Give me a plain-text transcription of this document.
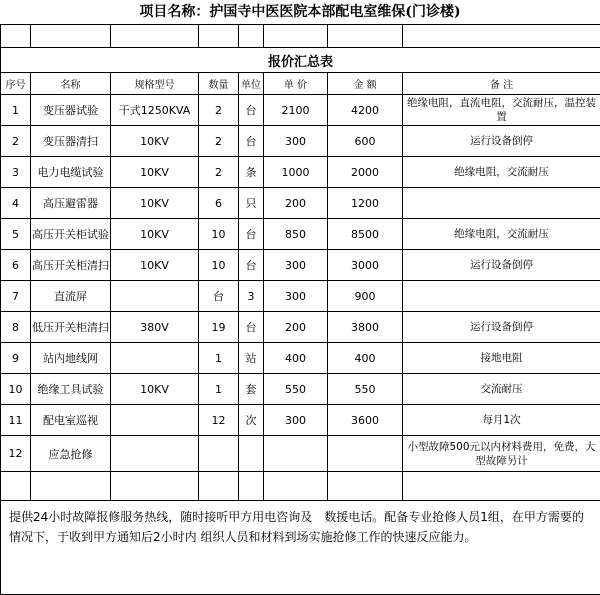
项目名称：护国寺中医医院本部配电室维保(门诊楼)

报价汇总表							
序号	名称	规格型号	数量	单位	单 价	金 额	备 注
1	变压器试验	干式1250KVA	2	台	2100	4200	绝缘电阻，直流电阻，交流耐压，温控装置
2	变压器清扫	10KV	2	台	300	600	运行设备倒停
3	电力电缆试验	10KV	2	条	1000	2000	绝缘电阻，交流耐压
4	高压避雷器	10KV	6	只	200	1200	
5	高压开关柜试验	10KV	10	台	850	8500	绝缘电阻，交流耐压
6	高压开关柜清扫	10KV	10	台	300	3000	运行设备倒停
7	直流屏		台	3	300	900	
8	低压开关柜清扫	380V	19	台	200	3800	运行设备倒停
9	站内地线网		1	站	400	400	接地电阻
10	绝缘工具试验	10KV	1	套	550	550	交流耐压
11	配电室巡视		12	次	300	3600	每月1次
12	应急抢修						小型故障500元以内材料费用，免费，大型故障另计

提供24小时故障报修服务热线，随时接听甲方用电咨询及　数援电话。配备专业抢修人员1组，在甲方需要的情况下，于收到甲方通知后2小时内 组织人员和材料到场实施抢修工作的快速反应能力。							
